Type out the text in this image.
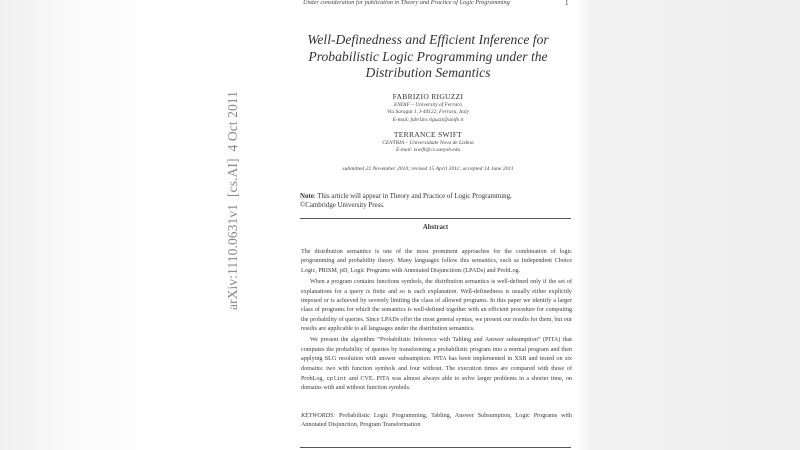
Under consideration for publication in Theory and Practice of Logic Programming	1
arXiv:1110.0631v1  [cs.AI]  4 Oct 2011
Well-Definedness and Efficient Inference for
Probabilistic Logic Programming under the
Distribution Semantics
FABRIZIO RIGUZZI
ENDIF – University of Ferrara
Via Saragat 1, I-44122, Ferrara, Italy
E-mail: fabrizio.riguzzi@unife.it
TERRANCE SWIFT
CENTRIA – Universidade Nova de Lisboa
E-mail: tswift@cs.sunysb.edu
submitted 22 November 2010; revised 15 April 2011; accepted 14 June 2011
Note: This article will appear in Theory and Practice of Logic Programming,
©Cambridge University Press.
Abstract

The distribution semantics is one of the most prominent approaches for the combination of logic programming and probability theory. Many languages follow this semantics, such as Independent Choice Logic, PRISM, pD, Logic Programs with Annotated Disjunctions (LPADs) and ProbLog.

When a program contains functions symbols, the distribution semantics is well-defined only if the set of explanations for a query is finite and so is each explanation. Well-definedness is usually either explicitly imposed or is achieved by severely limiting the class of allowed programs. In this paper we identify a larger class of programs for which the semantics is well-defined together with an efficient procedure for computing the probability of queries. Since LPADs offer the most general syntax, we present our results for them, but our results are applicable to all languages under the distribution semantics.

We present the algorithm “Probabilistic Inference with Tabling and Answer subsumption” (PITA) that computes the probability of queries by transforming a probabilistic program into a normal program and then applying SLG resolution with answer subsumption. PITA has been implemented in XSB and tested on six domains: two with function symbols and four without. The execution times are compared with those of ProbLog, cplint and CVE. PITA was almost always able to solve larger problems in a shorter time, on domains with and without function symbols.

KEYWORDS: Probabilistic Logic Programming, Tabling, Answer Subsumption, Logic Programs with Annotated Disjunction, Program Transformation
